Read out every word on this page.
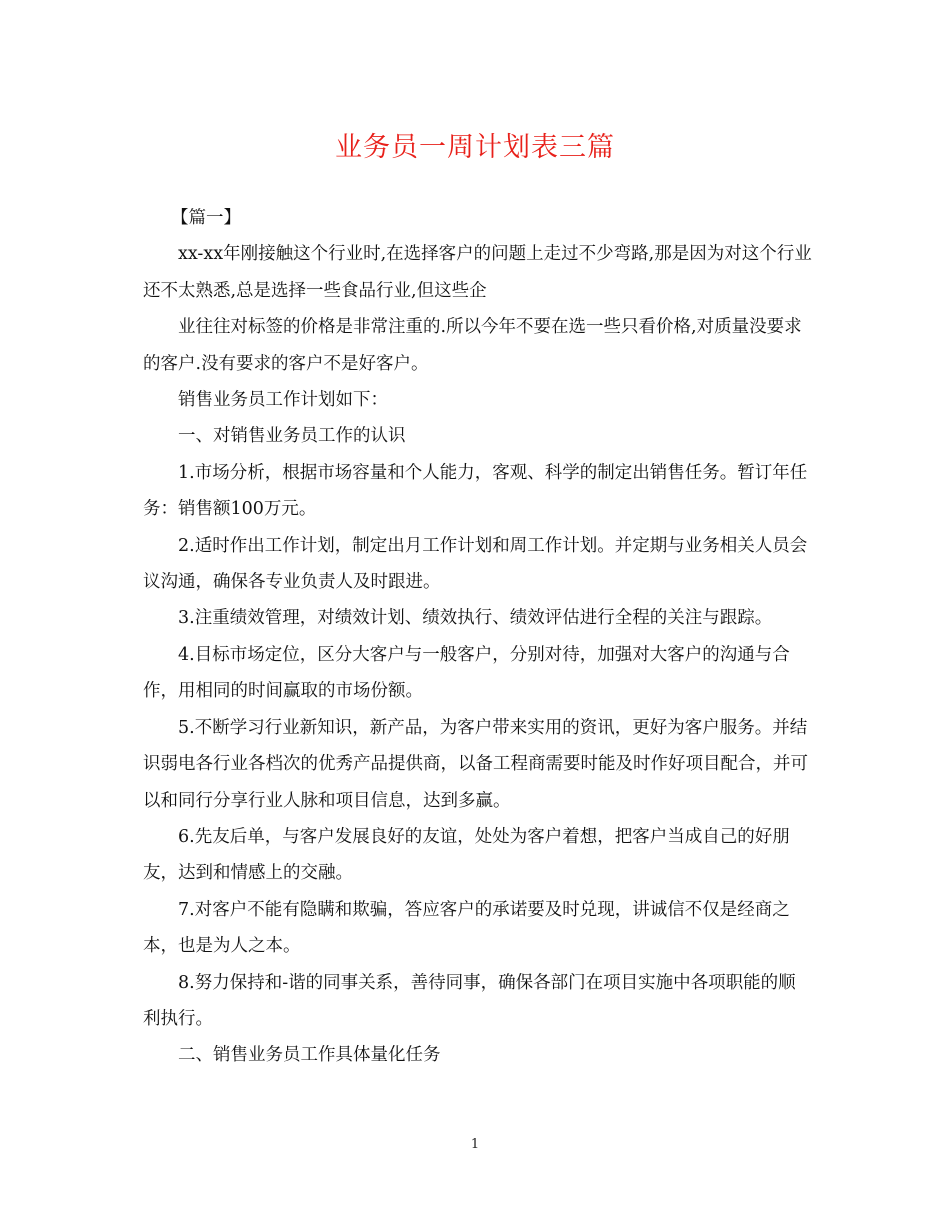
业务员一周计划表三篇

【篇一】

xx-xx年刚接触这个行业时,在选择客户的问题上走过不少弯路,那是因为对这个行业还不太熟悉,总是选择一些食品行业,但这些企

业往往对标签的价格是非常注重的.所以今年不要在选一些只看价格,对质量没要求的客户.没有要求的客户不是好客户。

销售业务员工作计划如下：

一、对销售业务员工作的认识

1.市场分析，根据市场容量和个人能力，客观、科学的制定出销售任务。暂订年任务：销售额100万元。

2.适时作出工作计划，制定出月工作计划和周工作计划。并定期与业务相关人员会议沟通，确保各专业负责人及时跟进。

3.注重绩效管理，对绩效计划、绩效执行、绩效评估进行全程的关注与跟踪。

4.目标市场定位，区分大客户与一般客户，分别对待，加强对大客户的沟通与合作，用相同的时间赢取的市场份额。

5.不断学习行业新知识，新产品，为客户带来实用的资讯，更好为客户服务。并结识弱电各行业各档次的优秀产品提供商，以备工程商需要时能及时作好项目配合，并可以和同行分享行业人脉和项目信息，达到多赢。

6.先友后单，与客户发展良好的友谊，处处为客户着想，把客户当成自己的好朋友，达到和情感上的交融。

7.对客户不能有隐瞒和欺骗，答应客户的承诺要及时兑现，讲诚信不仅是经商之本，也是为人之本。

8.努力保持和-谐的同事关系，善待同事，确保各部门在项目实施中各项职能的顺利执行。

二、销售业务员工作具体量化任务

1
